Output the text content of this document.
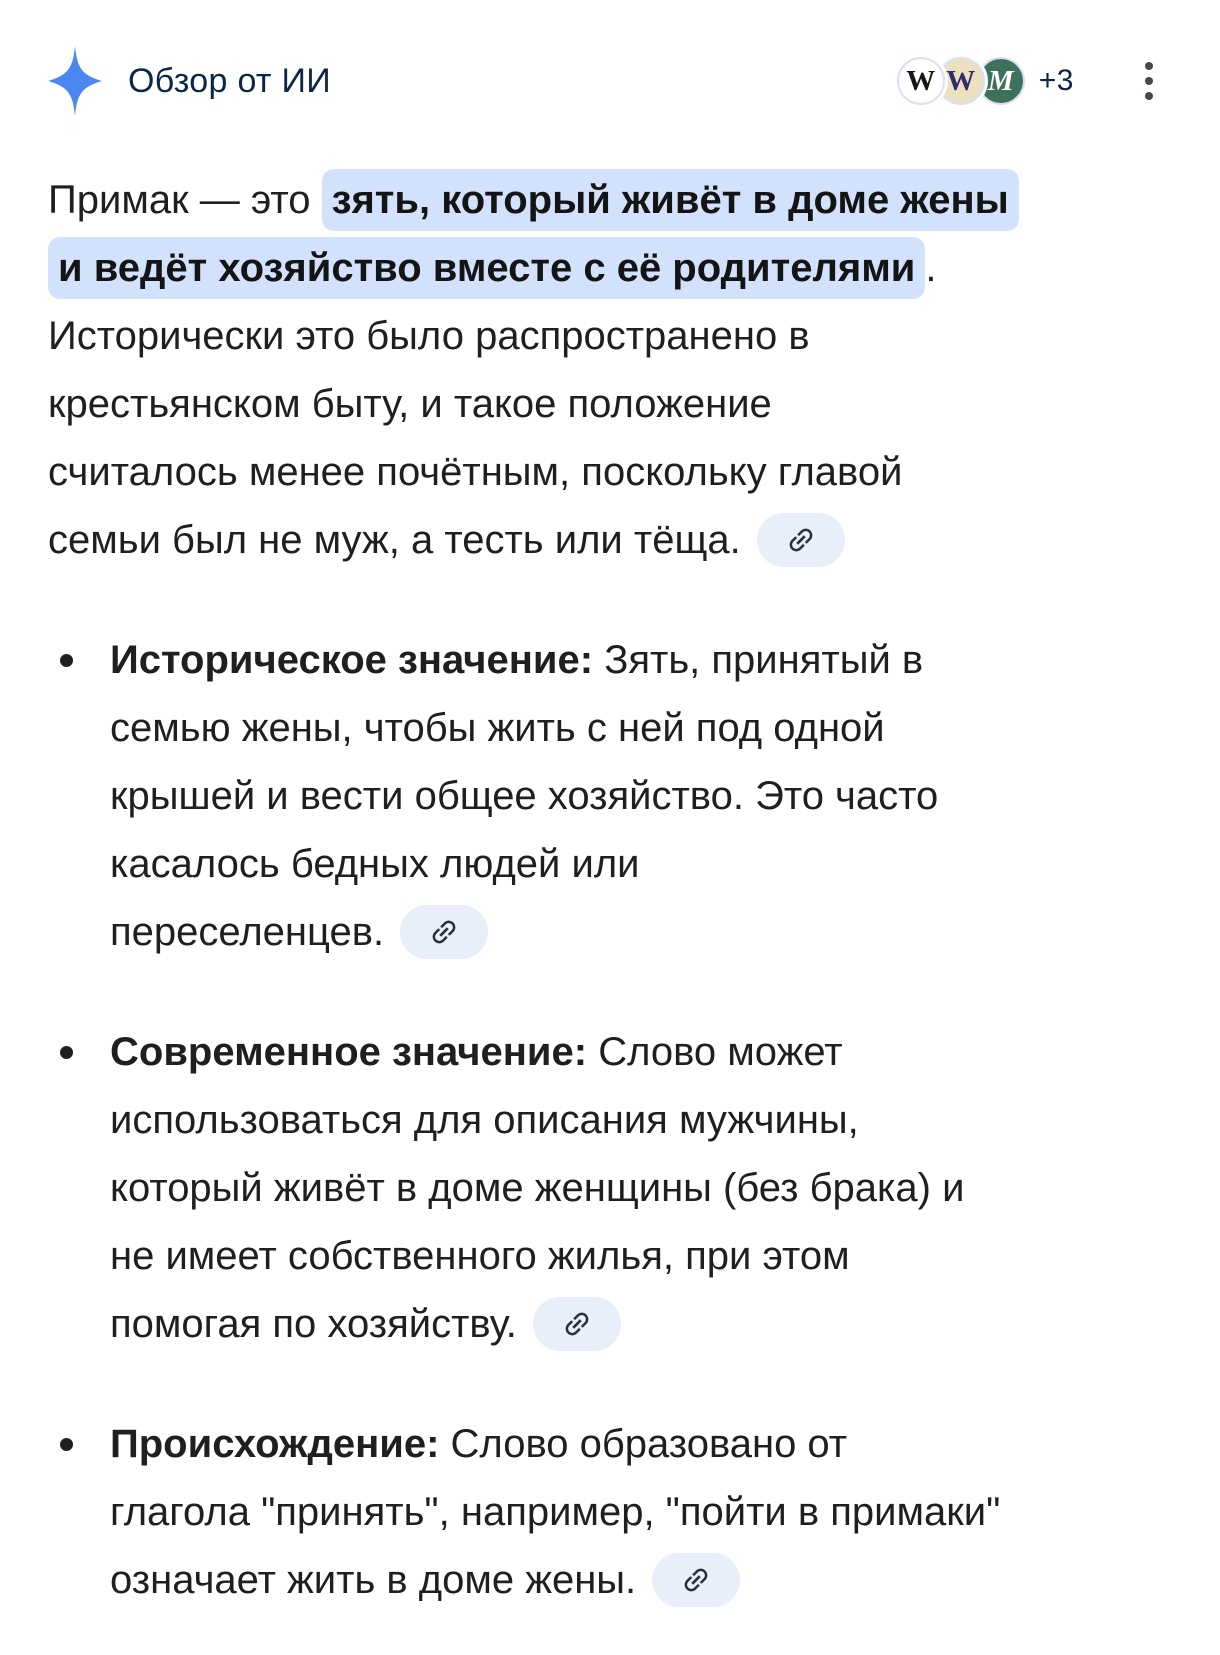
Обзор от ИИ	W W М +3
Примак — это зять, который живёт в доме жены
и ведёт хозяйство вместе с её родителями .
Исторически это было распространено в
крестьянском быту, и такое положение
считалось менее почётным, поскольку главой
семьи был не муж, а тесть или тёща.
Историческое значение: Зять, принятый в
семью жены, чтобы жить с ней под одной
крышей и вести общее хозяйство. Это часто
касалось бедных людей или
переселенцев.
Современное значение: Слово может
использоваться для описания мужчины,
который живёт в доме женщины (без брака) и
не имеет собственного жилья, при этом
помогая по хозяйству.
Происхождение: Слово образовано от
глагола "принять", например, "пойти в примаки"
означает жить в доме жены.
